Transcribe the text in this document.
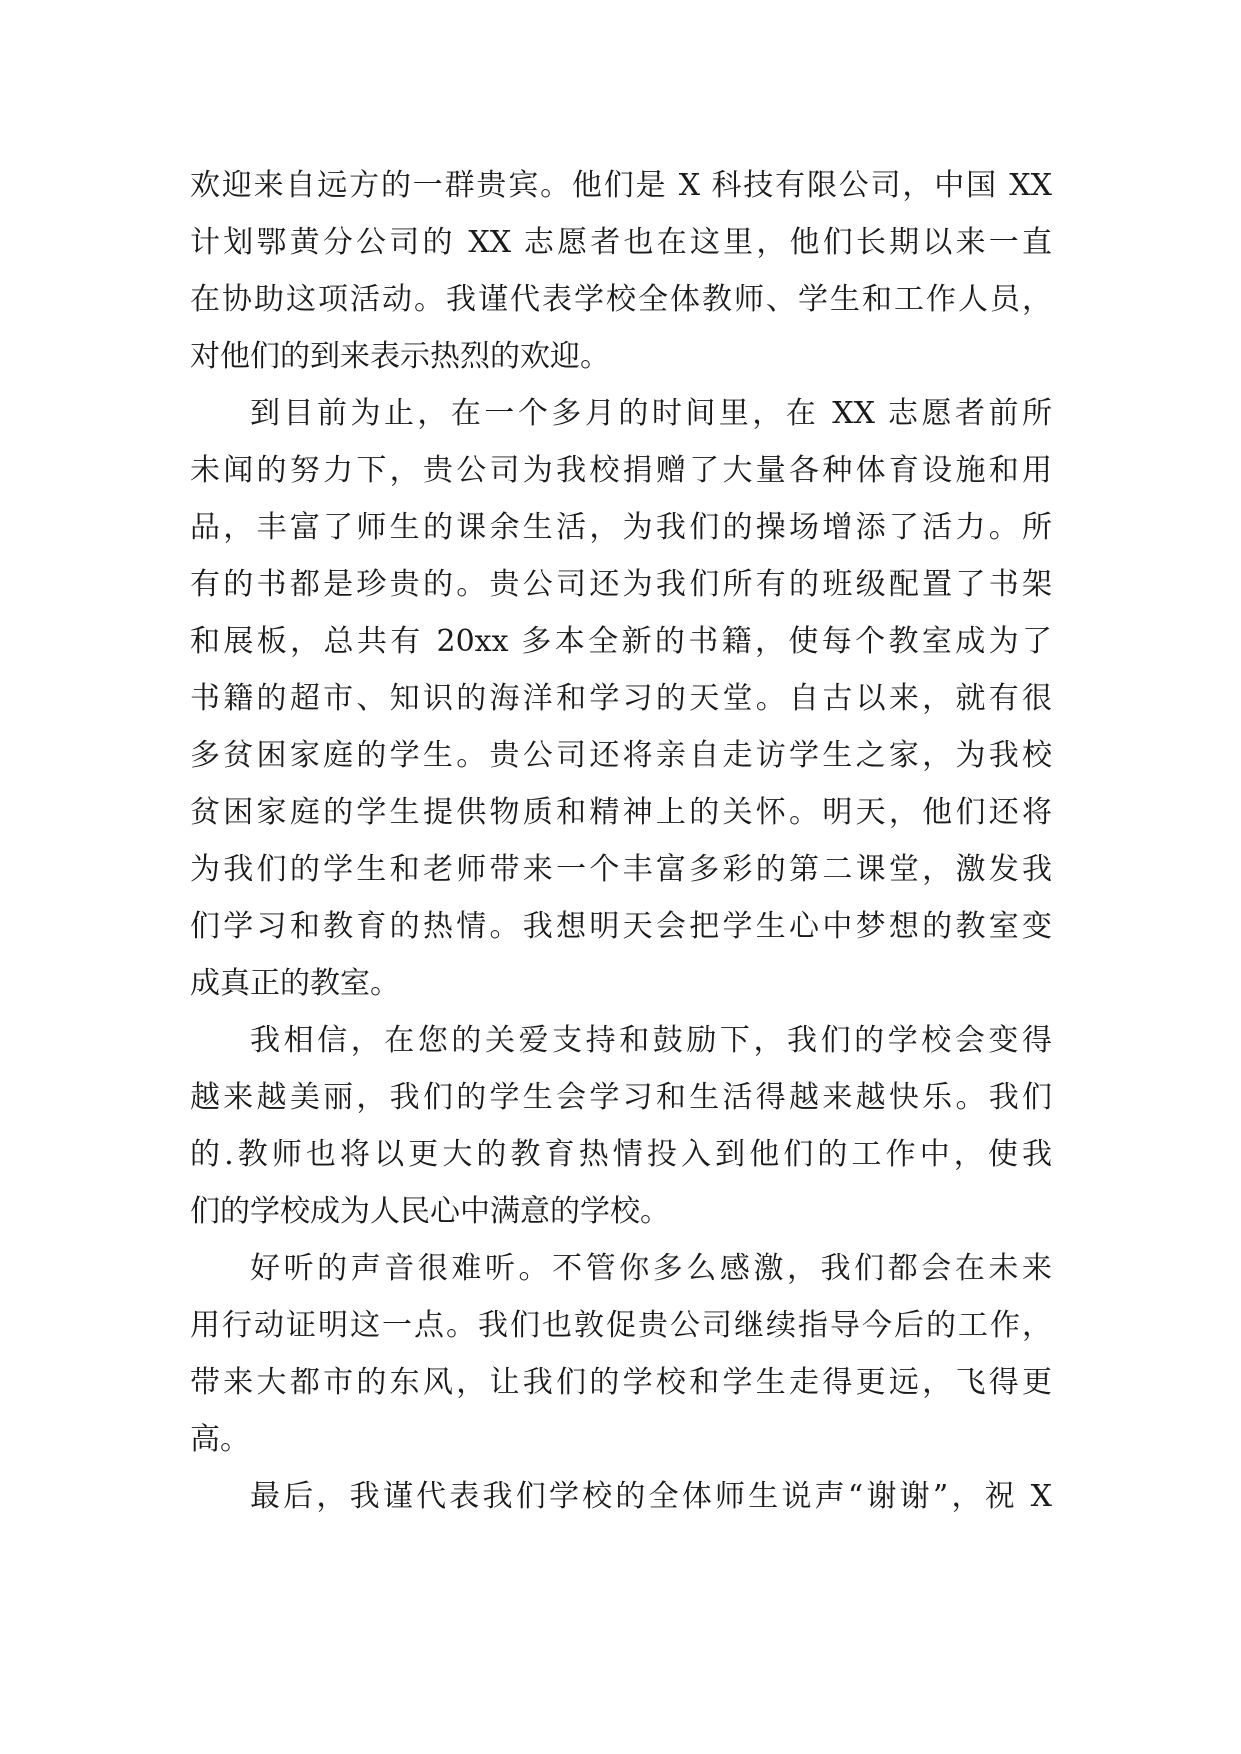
欢迎来自远方的一群贵宾。他们是 X 科技有限公司，中国 XX
计划鄂黄分公司的 XX 志愿者也在这里，他们长期以来一直
在协助这项活动。我谨代表学校全体教师、学生和工作人员，
对他们的到来表示热烈的欢迎。
到目前为止，在一个多月的时间里，在 XX 志愿者前所
未闻的努力下，贵公司为我校捐赠了大量各种体育设施和用
品，丰富了师生的课余生活，为我们的操场增添了活力。所
有的书都是珍贵的。贵公司还为我们所有的班级配置了书架
和展板，总共有 20xx 多本全新的书籍，使每个教室成为了
书籍的超市、知识的海洋和学习的天堂。自古以来，就有很
多贫困家庭的学生。贵公司还将亲自走访学生之家，为我校
贫困家庭的学生提供物质和精神上的关怀。明天，他们还将
为我们的学生和老师带来一个丰富多彩的第二课堂，激发我
们学习和教育的热情。我想明天会把学生心中梦想的教室变
成真正的教室。
我相信，在您的关爱支持和鼓励下，我们的学校会变得
越来越美丽，我们的学生会学习和生活得越来越快乐。我们
的.教师也将以更大的教育热情投入到他们的工作中，使我
们的学校成为人民心中满意的学校。
好听的声音很难听。不管你多么感激，我们都会在未来
用行动证明这一点。我们也敦促贵公司继续指导今后的工作，
带来大都市的东风，让我们的学校和学生走得更远，飞得更
高。
最后，我谨代表我们学校的全体师生说声“谢谢”，祝 X
